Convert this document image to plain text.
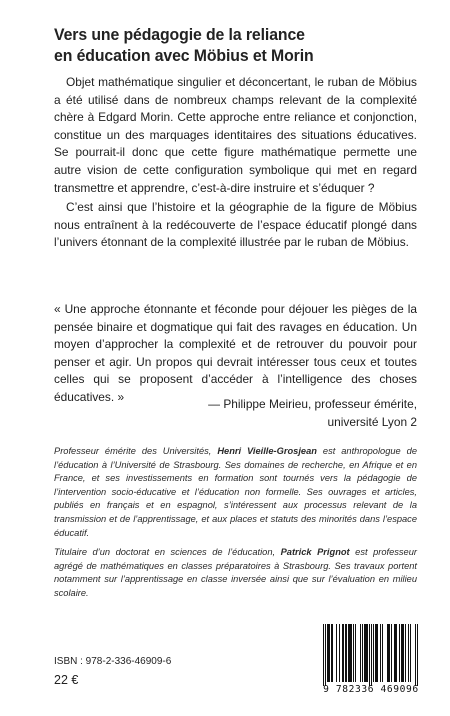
Vers une pédagogie de la reliance
en éducation avec Möbius et Morin

Objet mathématique singulier et déconcertant, le ruban de Möbius a été utilisé dans de nombreux champs relevant de la complexité chère à Edgard Morin. Cette approche entre reliance et conjonction, constitue un des marquages identitaires des situations éducatives. Se pourrait-il donc que cette figure mathématique permette une autre vision de cette configuration symbolique qui met en regard transmettre et apprendre, c’est-à-dire instruire et s’éduquer ?

C’est ainsi que l’histoire et la géographie de la figure de Möbius nous entraînent à la redécouverte de l’espace éducatif plongé dans l’univers étonnant de la complexité illustrée par le ruban de Möbius.

« Une approche étonnante et féconde pour déjouer les pièges de la pensée binaire et dogmatique qui fait des ravages en éducation. Un moyen d’approcher la complexité et de retrouver du pouvoir pour penser et agir. Un propos qui devrait intéresser tous ceux et toutes celles qui se proposent d’accéder à l’intelligence des choses éducatives. »
— Philippe Meirieu, professeur émérite,
université Lyon 2

Professeur émérite des Universités, Henri Vieille-Grosjean est anthropologue de l’éducation à l’Université de Strasbourg. Ses domaines de recherche, en Afrique et en France, et ses investissements en formation sont tournés vers la pédagogie de l’intervention socio-éducative et l’éducation non formelle. Ses ouvrages et articles, publiés en français et en espagnol, s’intéressent aux processus relevant de la transmission et de l’apprentissage, et aux places et statuts des minorités dans l’espace éducatif.

Titulaire d’un doctorat en sciences de l’éducation, Patrick Prignot est professeur agrégé de mathématiques en classes préparatoires à Strasbourg. Ses travaux portent notamment sur l’apprentissage en classe inversée ainsi que sur l’évaluation en milieu scolaire.

ISBN : 978-2-336-46909-6
22 €
9 782336 469096
